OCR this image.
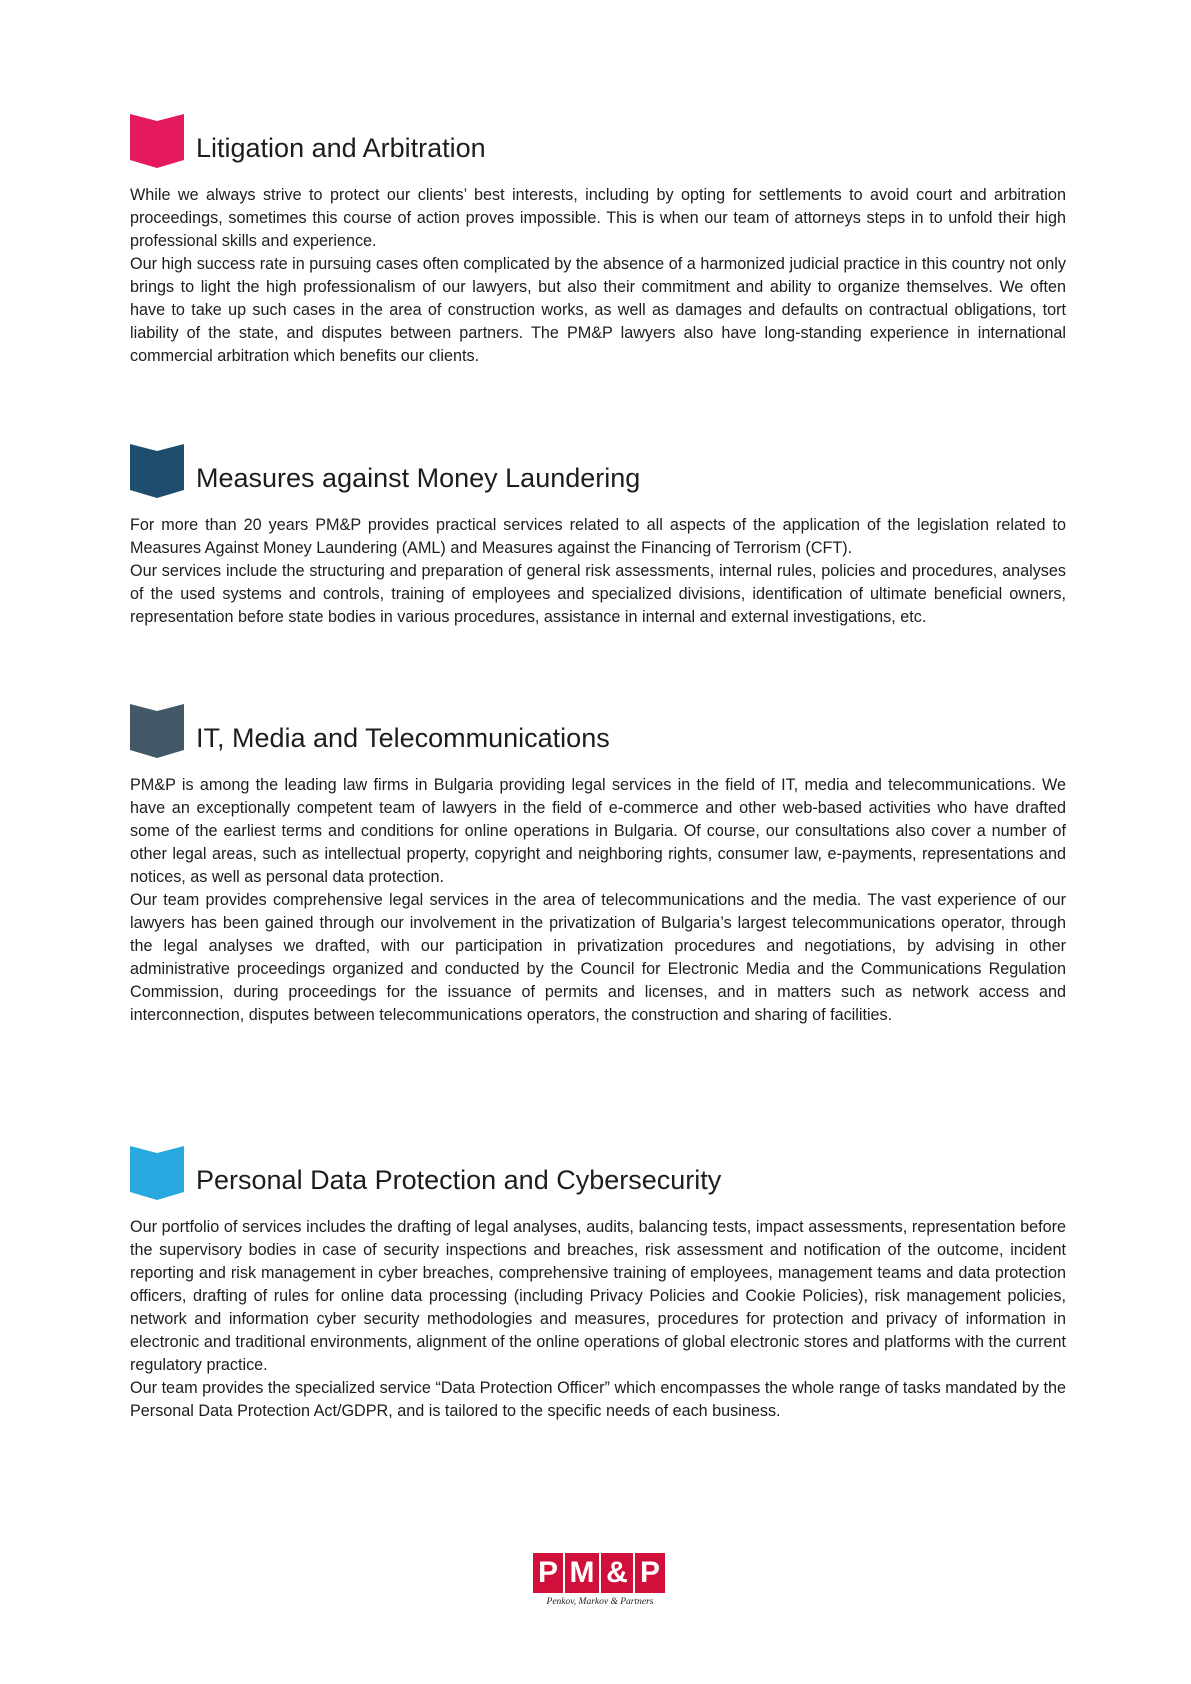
Litigation and Arbitration

While we always strive to protect our clients’ best interests, including by opting for settlements to avoid court and arbitration proceedings, sometimes this course of action proves impossible. This is when our team of attorneys steps in to unfold their high professional skills and experience.

Our high success rate in pursuing cases often complicated by the absence of a harmonized judicial practice in this country not only brings to light the high professionalism of our lawyers, but also their commitment and ability to organize themselves. We often have to take up such cases in the area of construction works, as well as damages and defaults on contractual obligations, tort liability of the state, and disputes between partners. The PM&P lawyers also have long-standing experience in international commercial arbitration which benefits our clients.

Measures against Money Laundering

For more than 20 years PM&P provides practical services related to all aspects of the application of the legislation related to Measures Against Money Laundering (AML) and Measures against the Financing of Terrorism (CFT).

Our services include the structuring and preparation of general risk assessments, internal rules, policies and procedures, analyses of the used systems and controls, training of employees and specialized divisions, identification of ultimate beneficial owners, representation before state bodies in various procedures, assistance in internal and external investigations, etc.

IT, Media and Telecommunications

PM&P is among the leading law firms in Bulgaria providing legal services in the field of IT, media and telecommunications. We have an exceptionally competent team of lawyers in the field of e-commerce and other web-based activities who have drafted some of the earliest terms and conditions for online operations in Bulgaria. Of course, our consultations also cover a number of other legal areas, such as intellectual property, copyright and neighboring rights, consumer law, e-payments, representations and notices, as well as personal data protection.

Our team provides comprehensive legal services in the area of telecommunications and the media. The vast experience of our lawyers has been gained through our involvement in the privatization of Bulgaria’s largest telecommunications operator, through the legal analyses we drafted, with our participation in privatization procedures and negotiations, by advising in other administrative proceedings organized and conducted by the Council for Electronic Media and the Communications Regulation Commission, during proceedings for the issuance of permits and licenses, and in matters such as network access and interconnection, disputes between telecommunications operators, the construction and sharing of facilities.

Personal Data Protection and Cybersecurity

Our portfolio of services includes the drafting of legal analyses, audits, balancing tests, impact assessments, representation before the supervisory bodies in case of security inspections and breaches, risk assessment and notification of the outcome, incident reporting and risk management in cyber breaches, comprehensive training of employees, management teams and data protection officers, drafting of rules for online data processing (including Privacy Policies and Cookie Policies), risk management policies, network and information cyber security methodologies and measures, procedures for protection and privacy of information in electronic and traditional environments, alignment of the online operations of global electronic stores and platforms with the current regulatory practice.

Our team provides the specialized service “Data Protection Officer” which encompasses the whole range of tasks mandated by the Personal Data Protection Act/GDPR, and is tailored to the specific needs of each business.

P M & P
Penkov, Markov & Partners
